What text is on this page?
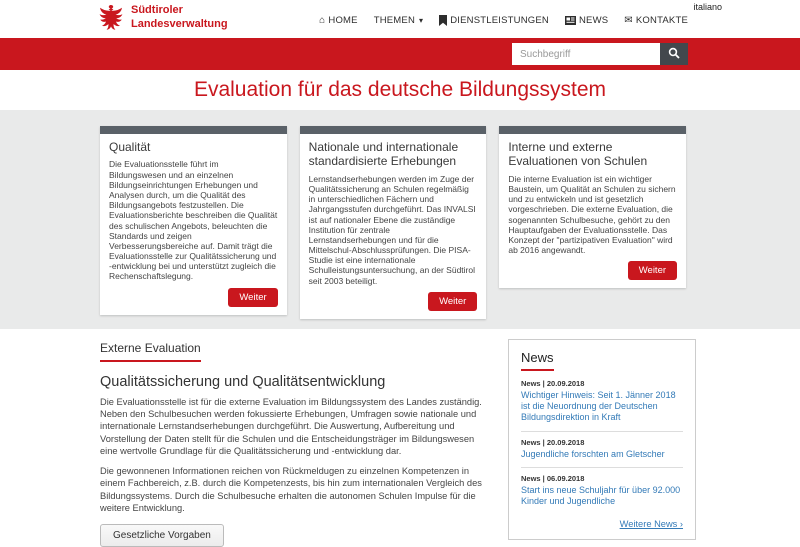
Südtiroler
Landesverwaltung
italiano
⌂ HOME THEMEN ▾	DIENSTLEISTUNGEN	NEWS ✉ KONTAKTE
Suchbegriff
Evaluation für das deutsche Bildungssystem
Qualität

Die Evaluationsstelle führt im Bildungswesen und an einzelnen Bildungseinrichtungen Erhebungen und Analysen durch, um die Qualität des Bildungsangebots festzustellen. Die Evaluationsberichte beschreiben die Qualität des schulischen Angebots, beleuchten die Standards und zeigen Verbesserungsbereiche auf. Damit trägt die Evaluationsstelle zur Qualitätssicherung und -entwicklung bei und unterstützt zugleich die Rechenschaftslegung.

Weiter
Nationale und internationale standardisierte Erhebungen

Lernstandserhebungen werden im Zuge der Qualitätssicherung an Schulen regelmäßig in unterschiedlichen Fächern und Jahrgangsstufen durchgeführt. Das INVALSI ist auf nationaler Ebene die zuständige Institution für zentrale Lernstandserhebungen und für die Mittelschul-Abschlussprüfungen. Die PISA-Studie ist eine internationale Schulleistungsuntersuchung, an der Südtirol seit 2003 beteiligt.

Weiter
Interne und externe Evaluationen von Schulen

Die interne Evaluation ist ein wichtiger Baustein, um Qualität an Schulen zu sichern und zu entwickeln und ist gesetzlich vorgeschrieben. Die externe Evaluation, die sogenannten Schulbesuche, gehört zu den Hauptaufgaben der Evaluationsstelle. Das Konzept der "partizipativen Evaluation" wird ab 2016 angewandt.

Weiter
Externe Evaluation
Qualitätssicherung und Qualitätsentwicklung

Die Evaluationsstelle ist für die externe Evaluation im Bildungssystem des Landes zuständig. Neben den Schulbesuchen werden fokussierte Erhebungen, Umfragen sowie nationale und internationale Lernstandserhebungen durchgeführt. Die Auswertung, Aufbereitung und Vorstellung der Daten stellt für die Schulen und die Entscheidungsträger im Bildungswesen eine wertvolle Grundlage für die Qualitätssicherung und -entwicklung dar.

Die gewonnenen Informationen reichen von Rückmeldugen zu einzelnen Kompetenzen in einem Fachbereich, z.B. durch die Kompetenzests, bis hin zum internationalen Vergleich des Bildungssystems. Durch die Schulbesuche erhalten die autonomen Schulen Impulse für die weitere Entwicklung.

Gesetzliche Vorgaben
News
News | 20.09.2018
Wichtiger Hinweis: Seit 1. Jänner 2018 ist die Neuordnung der Deutschen Bildungsdirektion in Kraft
News | 20.09.2018
Jugendliche forschten am Gletscher
News | 06.09.2018
Start ins neue Schuljahr für über 92.000 Kinder und Jugendliche
Weitere News ›
